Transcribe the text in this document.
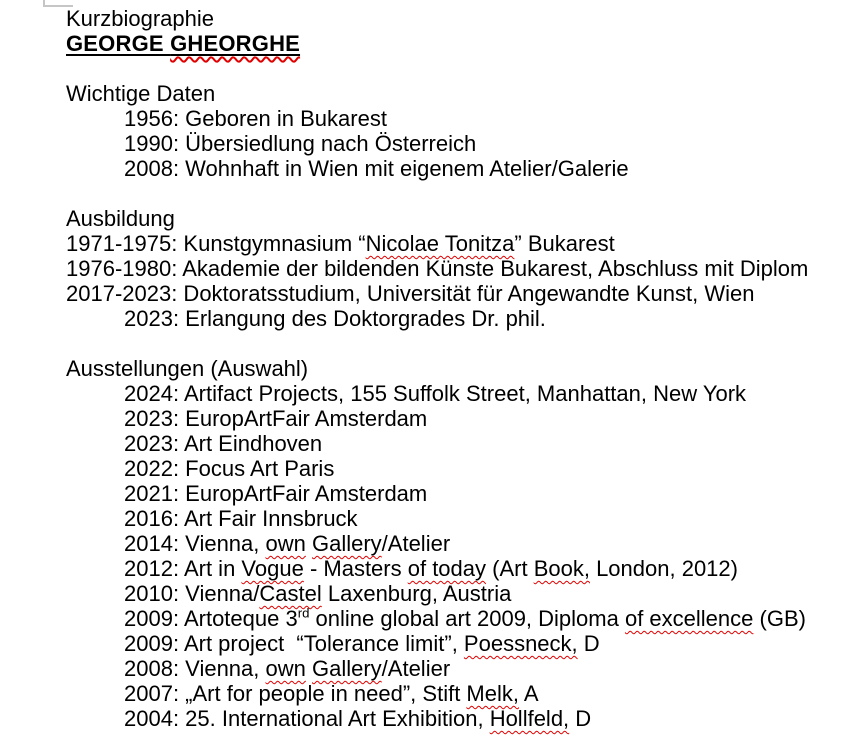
Kurzbiographie
GEORGE GHEORGHE
Wichtige Daten
1956: Geboren in Bukarest
1990: Übersiedlung nach Österreich
2008: Wohnhaft in Wien mit eigenem Atelier/Galerie
Ausbildung
1971-1975: Kunstgymnasium “Nicolae Tonitza” Bukarest
1976-1980: Akademie der bildenden Künste Bukarest, Abschluss mit Diplom
2017-2023: Doktoratsstudium, Universität für Angewandte Kunst, Wien
2023: Erlangung des Doktorgrades Dr. phil.
Ausstellungen (Auswahl)
2024: Artifact Projects, 155 Suffolk Street, Manhattan, New York
2023: EuropArtFair Amsterdam
2023: Art Eindhoven
2022: Focus Art Paris
2021: EuropArtFair Amsterdam
2016: Art Fair Innsbruck
2014: Vienna, own Gallery/Atelier
2012: Art in Vogue - Masters of today (Art Book, London, 2012)
2010: Vienna/Castel Laxenburg, Austria
2009: Artoteque 3rd online global art 2009, Diploma of excellence (GB)
2009: Art project  “Tolerance limit”, Poessneck, D
2008: Vienna, own Gallery/Atelier
2007: „Art for people in need”, Stift Melk, A
2004: 25. International Art Exhibition, Hollfeld, D
